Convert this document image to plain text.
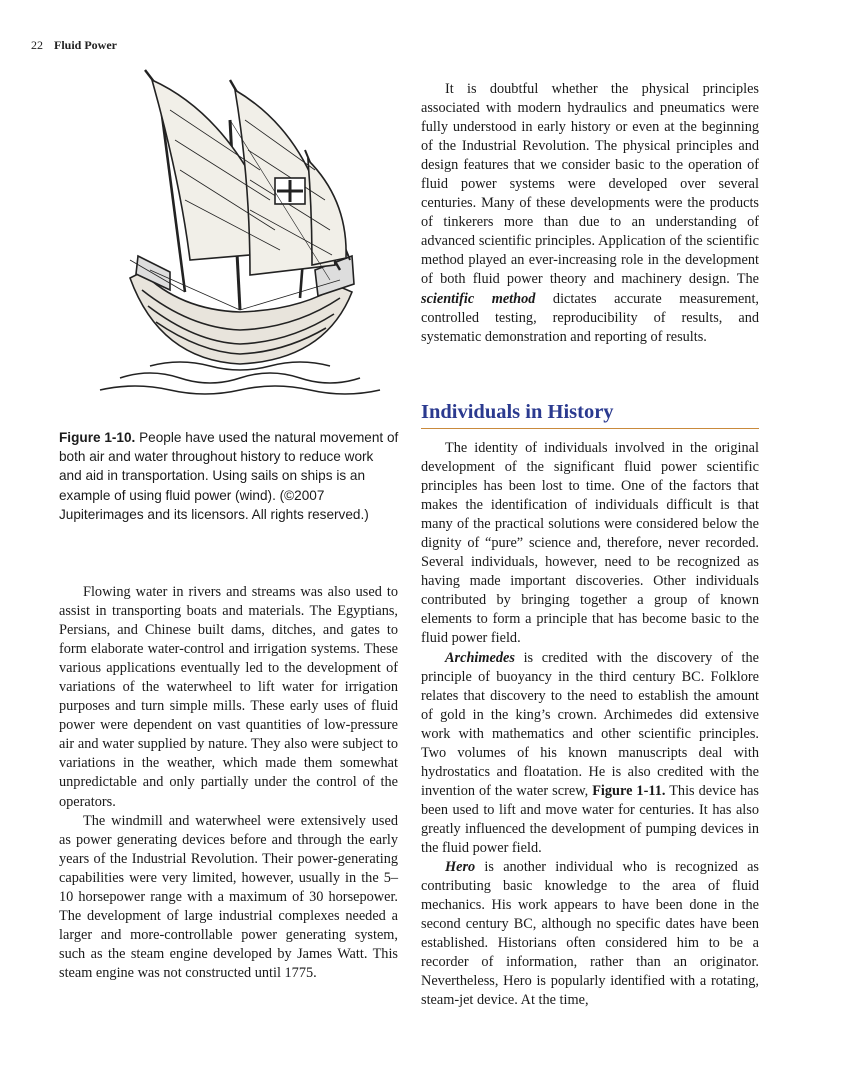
22 Fluid Power
Figure 1-10. People have used the natural movement of both air and water throughout history to reduce work and aid in transportation. Using sails on ships is an example of using fluid power (wind). (©2007 Jupiterimages and its licensors. All rights reserved.)

Flowing water in rivers and streams was also used to assist in transporting boats and materials. The Egyptians, Persians, and Chinese built dams, ditches, and gates to form elaborate water-control and irrigation systems. These various applications eventually led to the development of variations of the waterwheel to lift water for irrigation purposes and turn simple mills. These early uses of fluid power were dependent on vast quantities of low-pressure air and water supplied by nature. They also were subject to variations in the weather, which made them somewhat unpredictable and only partially under the control of the operators.

The windmill and waterwheel were extensively used as power generating devices before and through the early years of the Industrial Revolution. Their power-generating capabilities were very limited, however, usually in the 5–10 horsepower range with a maximum of 30 horsepower. The development of large industrial complexes needed a larger and more-controllable power generating system, such as the steam engine developed by James Watt. This steam engine was not constructed until 1775.

It is doubtful whether the physical principles associated with modern hydraulics and pneumatics were fully understood in early history or even at the beginning of the Industrial Revolution. The physical principles and design features that we consider basic to the operation of fluid power systems were developed over several centuries. Many of these developments were the products of tinkerers more than due to an understanding of advanced scientific principles. Application of the scientific method played an ever-increasing role in the development of both fluid power theory and machinery design. The scientific method dictates accurate measurement, controlled testing, reproducibility of results, and systematic demonstration and reporting of results.

Individuals in History

The identity of individuals involved in the original development of the significant fluid power scientific principles has been lost to time. One of the factors that makes the identification of individuals difficult is that many of the practical solutions were considered below the dignity of “pure” science and, therefore, never recorded. Several individuals, however, need to be recognized as having made important discoveries. Other individuals contributed by bringing together a group of known elements to form a principle that has become basic to the fluid power field.

Archimedes is credited with the discovery of the principle of buoyancy in the third century BC. Folklore relates that discovery to the need to establish the amount of gold in the king’s crown. Archimedes did extensive work with mathematics and other scientific principles. Two volumes of his known manuscripts deal with hydrostatics and floatation. He is also credited with the invention of the water screw, Figure 1-11. This device has been used to lift and move water for centuries. It has also greatly influenced the development of pumping devices in the fluid power field.

Hero is another individual who is recognized as contributing basic knowledge to the area of fluid mechanics. His work appears to have been done in the second century BC, although no specific dates have been established. Historians often considered him to be a recorder of information, rather than an originator. Nevertheless, Hero is popularly identified with a rotating, steam-jet device. At the time,
